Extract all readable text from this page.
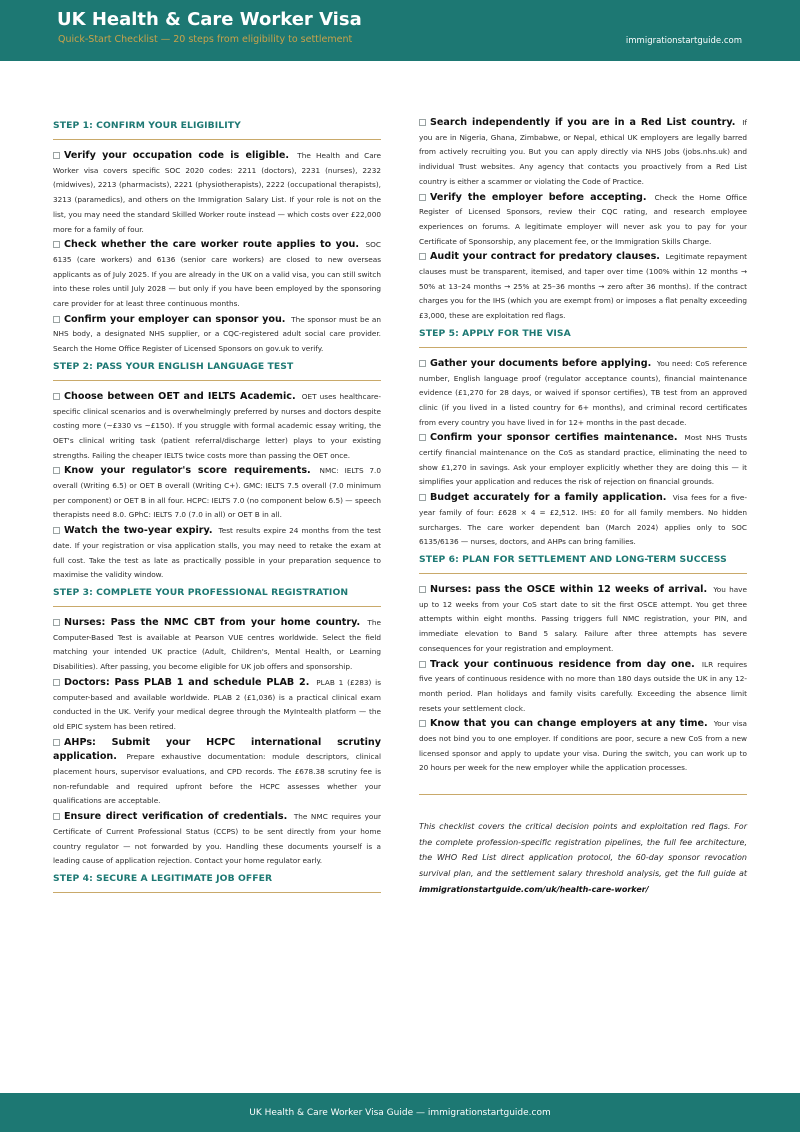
UK Health & Care Worker Visa
Quick-Start Checklist — 20 steps from eligibility to settlement	immigrationstartguide.com
STEP 1: CONFIRM YOUR ELIGIBILITY
Verify your occupation code is eligible. The Health and Care Worker visa covers specific SOC 2020 codes: 2211 (doctors), 2231 (nurses), 2232 (midwives), 2213 (pharmacists), 2221 (physiotherapists), 2222 (occupational therapists), 3213 (paramedics), and others on the Immigration Salary List. If your role is not on the list, you may need the standard Skilled Worker route instead — which costs over £22,000 more for a family of four.
Check whether the care worker route applies to you. SOC 6135 (care workers) and 6136 (senior care workers) are closed to new overseas applicants as of July 2025. If you are already in the UK on a valid visa, you can still switch into these roles until July 2028 — but only if you have been employed by the sponsoring care provider for at least three continuous months.
Confirm your employer can sponsor you. The sponsor must be an NHS body, a designated NHS supplier, or a CQC-registered adult social care provider. Search the Home Office Register of Licensed Sponsors on gov.uk to verify.
STEP 2: PASS YOUR ENGLISH LANGUAGE TEST
Choose between OET and IELTS Academic. OET uses healthcare-specific clinical scenarios and is overwhelmingly preferred by nurses and doctors despite costing more (~£330 vs ~£150). If you struggle with formal academic essay writing, the OET's clinical writing task (patient referral/discharge letter) plays to your existing strengths. Failing the cheaper IELTS twice costs more than passing the OET once.
Know your regulator's score requirements. NMC: IELTS 7.0 overall (Writing 6.5) or OET B overall (Writing C+). GMC: IELTS 7.5 overall (7.0 minimum per component) or OET B in all four. HCPC: IELTS 7.0 (no component below 6.5) — speech therapists need 8.0. GPhC: IELTS 7.0 (7.0 in all) or OET B in all.
Watch the two-year expiry. Test results expire 24 months from the test date. If your registration or visa application stalls, you may need to retake the exam at full cost. Take the test as late as practically possible in your preparation sequence to maximise the validity window.
STEP 3: COMPLETE YOUR PROFESSIONAL REGISTRATION
Nurses: Pass the NMC CBT from your home country. The Computer-Based Test is available at Pearson VUE centres worldwide. Select the field matching your intended UK practice (Adult, Children's, Mental Health, or Learning Disabilities). After passing, you become eligible for UK job offers and sponsorship.
Doctors: Pass PLAB 1 and schedule PLAB 2. PLAB 1 (£283) is computer-based and available worldwide. PLAB 2 (£1,036) is a practical clinical exam conducted in the UK. Verify your medical degree through the MyIntealth platform — the old EPIC system has been retired.
AHPs: Submit your HCPC international scrutiny application. Prepare exhaustive documentation: module descriptors, clinical placement hours, supervisor evaluations, and CPD records. The £678.38 scrutiny fee is non-refundable and required upfront before the HCPC assesses whether your qualifications are acceptable.
Ensure direct verification of credentials. The NMC requires your Certificate of Current Professional Status (CCPS) to be sent directly from your home country regulator — not forwarded by you. Handling these documents yourself is a leading cause of application rejection. Contact your home regulator early.
STEP 4: SECURE A LEGITIMATE JOB OFFER
Search independently if you are in a Red List country. If you are in Nigeria, Ghana, Zimbabwe, or Nepal, ethical UK employers are legally barred from actively recruiting you. But you can apply directly via NHS Jobs (jobs.nhs.uk) and individual Trust websites. Any agency that contacts you proactively from a Red List country is either a scammer or violating the Code of Practice.
Verify the employer before accepting. Check the Home Office Register of Licensed Sponsors, review their CQC rating, and research employee experiences on forums. A legitimate employer will never ask you to pay for your Certificate of Sponsorship, any placement fee, or the Immigration Skills Charge.
Audit your contract for predatory clauses. Legitimate repayment clauses must be transparent, itemised, and taper over time (100% within 12 months → 50% at 13–24 months → 25% at 25–36 months → zero after 36 months). If the contract charges you for the IHS (which you are exempt from) or imposes a flat penalty exceeding £3,000, these are exploitation red flags.
STEP 5: APPLY FOR THE VISA
Gather your documents before applying. You need: CoS reference number, English language proof (regulator acceptance counts), financial maintenance evidence (£1,270 for 28 days, or waived if sponsor certifies), TB test from an approved clinic (if you lived in a listed country for 6+ months), and criminal record certificates from every country you have lived in for 12+ months in the past decade.
Confirm your sponsor certifies maintenance. Most NHS Trusts certify financial maintenance on the CoS as standard practice, eliminating the need to show £1,270 in savings. Ask your employer explicitly whether they are doing this — it simplifies your application and reduces the risk of rejection on financial grounds.
Budget accurately for a family application. Visa fees for a five-year family of four: £628 × 4 = £2,512. IHS: £0 for all family members. No hidden surcharges. The care worker dependent ban (March 2024) applies only to SOC 6135/6136 — nurses, doctors, and AHPs can bring families.
STEP 6: PLAN FOR SETTLEMENT AND LONG-TERM SUCCESS
Nurses: pass the OSCE within 12 weeks of arrival. You have up to 12 weeks from your CoS start date to sit the first OSCE attempt. You get three attempts within eight months. Passing triggers full NMC registration, your PIN, and immediate elevation to Band 5 salary. Failure after three attempts has severe consequences for your registration and employment.
Track your continuous residence from day one. ILR requires five years of continuous residence with no more than 180 days outside the UK in any 12-month period. Plan holidays and family visits carefully. Exceeding the absence limit resets your settlement clock.
Know that you can change employers at any time. Your visa does not bind you to one employer. If conditions are poor, secure a new CoS from a new licensed sponsor and apply to update your visa. During the switch, you can work up to 20 hours per week for the new employer while the application processes.
This checklist covers the critical decision points and exploitation red flags. For the complete profession-specific registration pipelines, the full fee architecture, the WHO Red List direct application protocol, the 60-day sponsor revocation survival plan, and the settlement salary threshold analysis, get the full guide at immigrationstartguide.com/uk/health-care-worker/
UK Health & Care Worker Visa Guide — immigrationstartguide.com
